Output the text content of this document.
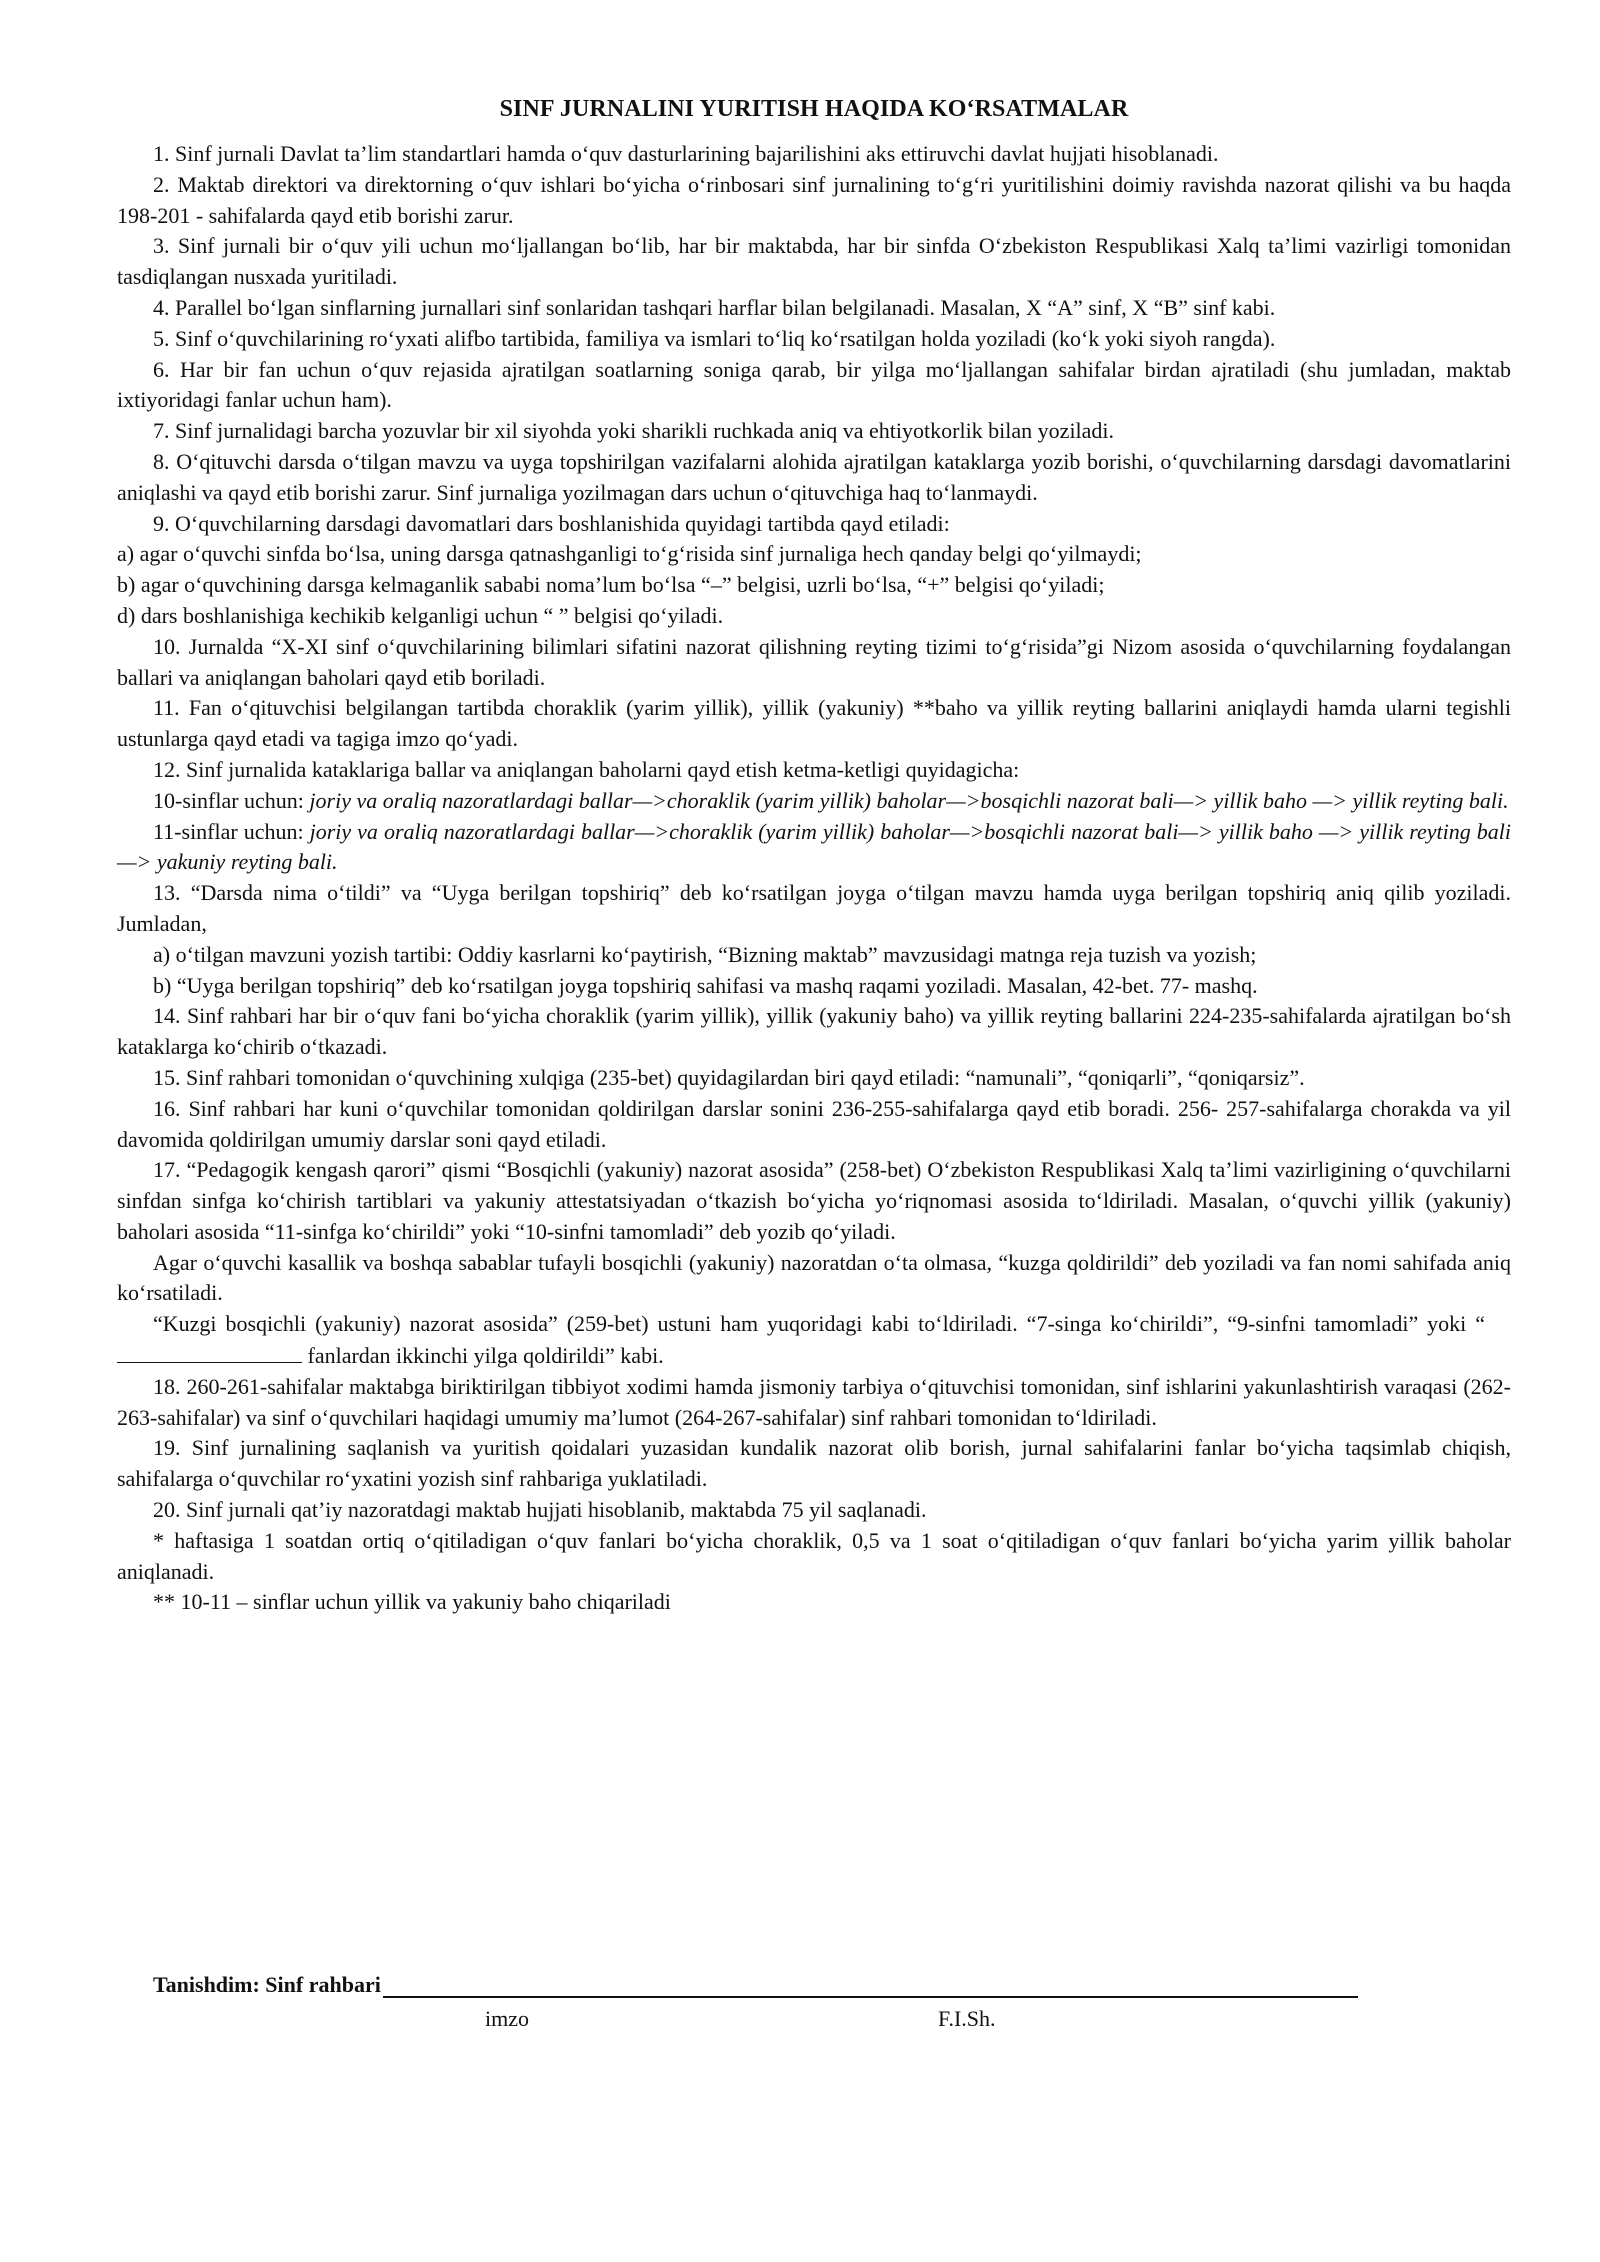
SINF JURNALINI YURITISH HAQIDA KO‘RSATMALAR

1. Sinf jurnali Davlat ta’lim standartlari hamda o‘quv dasturlarining bajarilishini aks ettiruvchi davlat hujjati hisoblanadi.

2. Maktab direktori va direktorning o‘quv ishlari bo‘yicha o‘rinbosari sinf jurnalining to‘g‘ri yuritilishini doimiy ravishda nazorat qilishi va bu haqda 198-201 - sahifalarda qayd etib borishi zarur.

3. Sinf jurnali bir o‘quv yili uchun mo‘ljallangan bo‘lib, har bir maktabda, har bir sinfda O‘zbekiston Respublikasi Xalq ta’limi vazirligi tomonidan tasdiqlangan nusxada yuritiladi.

4. Parallel bo‘lgan sinflarning jurnallari sinf sonlaridan tashqari harflar bilan belgilanadi. Masalan, X “A” sinf, X “B” sinf kabi.

5. Sinf o‘quvchilarining ro‘yxati alifbo tartibida, familiya va ismlari to‘liq ko‘rsatilgan holda yoziladi (ko‘k yoki siyoh rangda).

6. Har bir fan uchun o‘quv rejasida ajratilgan soatlarning soniga qarab, bir yilga mo‘ljallangan sahifalar birdan ajratiladi (shu jumladan, maktab ixtiyoridagi fanlar uchun ham).

7. Sinf jurnalidagi barcha yozuvlar bir xil siyohda yoki sharikli ruchkada aniq va ehtiyotkorlik bilan yoziladi.

8. O‘qituvchi darsda o‘tilgan mavzu va uyga topshirilgan vazifalarni alohida ajratilgan kataklarga yozib borishi, o‘quvchilarning darsdagi davomatlarini aniqlashi va qayd etib borishi zarur. Sinf jurnaliga yozilmagan dars uchun o‘qituvchiga haq to‘lanmaydi.

9. O‘quvchilarning darsdagi davomatlari dars boshlanishida quyidagi tartibda qayd etiladi:

a) agar o‘quvchi sinfda bo‘lsa, uning darsga qatnashganligi to‘g‘risida sinf jurnaliga hech qanday belgi qo‘yilmaydi;

b) agar o‘quvchining darsga kelmaganlik sababi noma’lum bo‘lsa “–” belgisi, uzrli bo‘lsa, “+” belgisi qo‘yiladi;

d) dars boshlanishiga kechikib kelganligi uchun “ ” belgisi qo‘yiladi.

10. Jurnalda “X-XI sinf o‘quvchilarining bilimlari sifatini nazorat qilishning reyting tizimi to‘g‘risida”gi Nizom asosida o‘quvchilarning foydalangan ballari va aniqlangan baholari qayd etib boriladi.

11. Fan o‘qituvchisi belgilangan tartibda choraklik (yarim yillik), yillik (yakuniy) **baho va yillik reyting ballarini aniqlaydi hamda ularni tegishli ustunlarga qayd etadi va tagiga imzo qo‘yadi.

12. Sinf jurnalida kataklariga ballar va aniqlangan baholarni qayd etish ketma-ketligi quyidagicha:

10-sinflar uchun: joriy va oraliq nazoratlardagi ballar—>choraklik (yarim yillik) baholar—>bosqichli nazorat bali—> yillik baho —> yillik reyting bali.

11-sinflar uchun: joriy va oraliq nazoratlardagi ballar—>choraklik (yarim yillik) baholar—>bosqichli nazorat bali—> yillik baho —> yillik reyting bali —> yakuniy reyting bali.

13. “Darsda nima o‘tildi” va “Uyga berilgan topshiriq” deb ko‘rsatilgan joyga o‘tilgan mavzu hamda uyga berilgan topshiriq aniq qilib yoziladi. Jumladan,

a) o‘tilgan mavzuni yozish tartibi: Oddiy kasrlarni ko‘paytirish, “Bizning maktab” mavzusidagi matnga reja tuzish va yozish;

b) “Uyga berilgan topshiriq” deb ko‘rsatilgan joyga topshiriq sahifasi va mashq raqami yoziladi. Masalan, 42-bet. 77- mashq.

14. Sinf rahbari har bir o‘quv fani bo‘yicha choraklik (yarim yillik), yillik (yakuniy baho) va yillik reyting ballarini 224-235-sahifalarda ajratilgan bo‘sh kataklarga ko‘chirib o‘tkazadi.

15. Sinf rahbari tomonidan o‘quvchining xulqiga (235-bet) quyidagilardan biri qayd etiladi: “namunali”, “qoniqarli”, “qoniqarsiz”.

16. Sinf rahbari har kuni o‘quvchilar tomonidan qoldirilgan darslar sonini 236-255-sahifalarga qayd etib boradi. 256- 257-sahifalarga chorakda va yil davomida qoldirilgan umumiy darslar soni qayd etiladi.

17. “Pedagogik kengash qarori” qismi “Bosqichli (yakuniy) nazorat asosida” (258-bet) O‘zbekiston Respublikasi Xalq ta’limi vazirligining o‘quvchilarni sinfdan sinfga ko‘chirish tartiblari va yakuniy attestatsiyadan o‘tkazish bo‘yicha yo‘riqnomasi asosida to‘ldiriladi. Masalan, o‘quvchi yillik (yakuniy) baholari asosida “11-sinfga ko‘chirildi” yoki “10-sinfni tamomladi” deb yozib qo‘yiladi.

Agar o‘quvchi kasallik va boshqa sabablar tufayli bosqichli (yakuniy) nazoratdan o‘ta olmasa, “kuzga qoldirildi” deb yoziladi va fan nomi sahifada aniq ko‘rsatiladi.

“Kuzgi bosqichli (yakuniy) nazorat asosida” (259-bet) ustuni ham yuqoridagi kabi to‘ldiriladi. “7-singa ko‘chirildi”, “9-sinfni tamomladi” yoki “ fanlardan ikkinchi yilga qoldirildi” kabi.

18. 260-261-sahifalar maktabga biriktirilgan tibbiyot xodimi hamda jismoniy tarbiya o‘qituvchisi tomonidan, sinf ishlarini yakunlashtirish varaqasi (262-263-sahifalar) va sinf o‘quvchilari haqidagi umumiy ma’lumot (264-267-sahifalar) sinf rahbari tomonidan to‘ldiriladi.

19. Sinf jurnalining saqlanish va yuritish qoidalari yuzasidan kundalik nazorat olib borish, jurnal sahifalarini fanlar bo‘yicha taqsimlab chiqish, sahifalarga o‘quvchilar ro‘yxatini yozish sinf rahbariga yuklatiladi.

20. Sinf jurnali qat’iy nazoratdagi maktab hujjati hisoblanib, maktabda 75 yil saqlanadi.

* haftasiga 1 soatdan ortiq o‘qitiladigan o‘quv fanlari bo‘yicha choraklik, 0,5 va 1 soat o‘qitiladigan o‘quv fanlari bo‘yicha yarim yillik baholar aniqlanadi.

** 10-11 – sinflar uchun yillik va yakuniy baho chiqariladi

Tanishdim: Sinf rahbari
imzo	F.I.Sh.
